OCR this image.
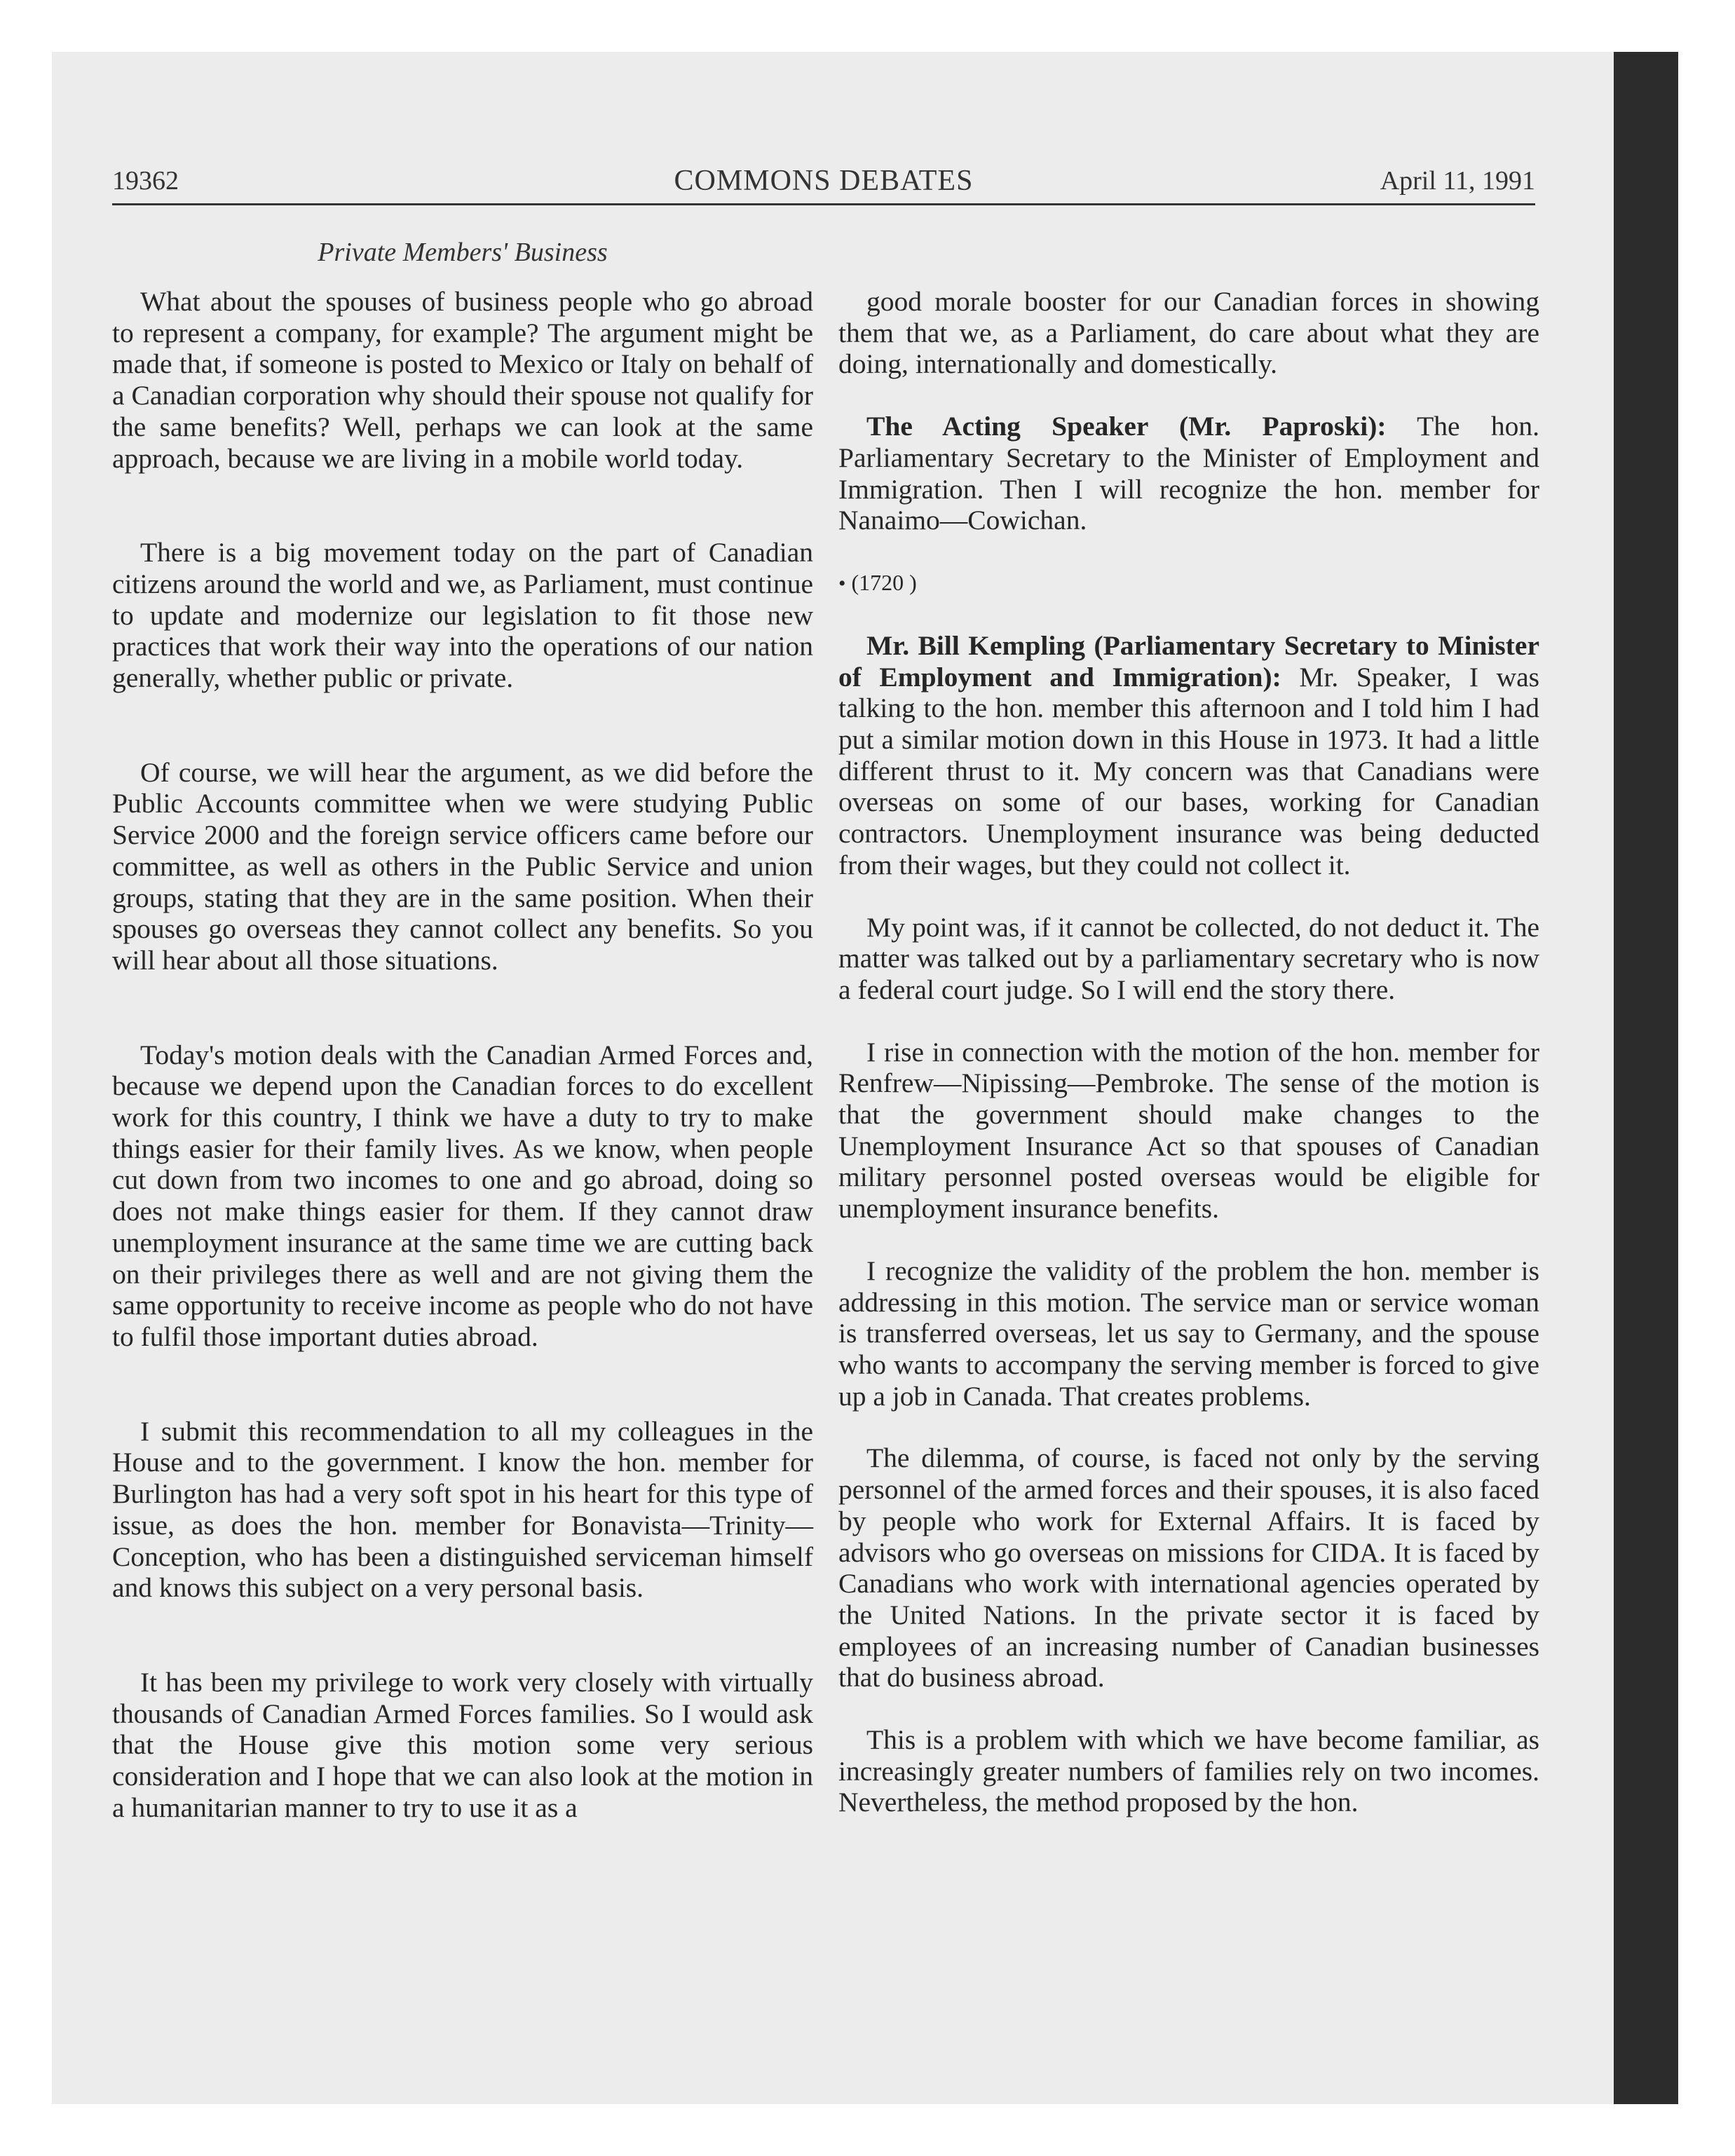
19362	COMMONS DEBATES	April 11, 1991
Private Members' Business

What about the spouses of business people who go abroad to represent a company, for example? The argument might be made that, if someone is posted to Mexico or Italy on behalf of a Canadian corporation why should their spouse not qualify for the same benefits? Well, perhaps we can look at the same approach, because we are living in a mobile world today.

There is a big movement today on the part of Canadian citizens around the world and we, as Parliament, must continue to update and modernize our legislation to fit those new practices that work their way into the operations of our nation generally, whether public or private.

Of course, we will hear the argument, as we did before the Public Accounts committee when we were studying Public Service 2000 and the foreign service officers came before our committee, as well as others in the Public Service and union groups, stating that they are in the same position. When their spouses go overseas they cannot collect any benefits. So you will hear about all those situations.

Today's motion deals with the Canadian Armed Forces and, because we depend upon the Canadian forces to do excellent work for this country, I think we have a duty to try to make things easier for their family lives. As we know, when people cut down from two incomes to one and go abroad, doing so does not make things easier for them. If they cannot draw unemployment insurance at the same time we are cutting back on their privileges there as well and are not giving them the same opportunity to receive income as people who do not have to fulfil those important duties abroad.

I submit this recommendation to all my colleagues in the House and to the government. I know the hon. member for Burlington has had a very soft spot in his heart for this type of issue, as does the hon. member for Bonavista—Trinity—Conception, who has been a distinguished serviceman himself and knows this subject on a very personal basis.

It has been my privilege to work very closely with virtually thousands of Canadian Armed Forces families. So I would ask that the House give this motion some very serious consideration and I hope that we can also look at the motion in a humanitarian manner to try to use it as a

good morale booster for our Canadian forces in showing them that we, as a Parliament, do care about what they are doing, internationally and domestically.

The Acting Speaker (Mr. Paproski): The hon. Parliamentary Secretary to the Minister of Employment and Immigration. Then I will recognize the hon. member for Nanaimo—Cowichan.

• (1720 )

Mr. Bill Kempling (Parliamentary Secretary to Minister of Employment and Immigration): Mr. Speaker, I was talking to the hon. member this afternoon and I told him I had put a similar motion down in this House in 1973. It had a little different thrust to it. My concern was that Canadians were overseas on some of our bases, working for Canadian contractors. Unemployment insurance was being deducted from their wages, but they could not collect it.

My point was, if it cannot be collected, do not deduct it. The matter was talked out by a parliamentary secretary who is now a federal court judge. So I will end the story there.

I rise in connection with the motion of the hon. member for Renfrew—Nipissing—Pembroke. The sense of the motion is that the government should make changes to the Unemployment Insurance Act so that spouses of Canadian military personnel posted overseas would be eligible for unemployment insurance benefits.

I recognize the validity of the problem the hon. member is addressing in this motion. The service man or service woman is transferred overseas, let us say to Germany, and the spouse who wants to accompany the serving member is forced to give up a job in Canada. That creates problems.

The dilemma, of course, is faced not only by the serving personnel of the armed forces and their spouses, it is also faced by people who work for External Affairs. It is faced by advisors who go overseas on missions for CIDA. It is faced by Canadians who work with international agencies operated by the United Nations. In the private sector it is faced by employees of an increasing number of Canadian businesses that do business abroad.

This is a problem with which we have become familiar, as increasingly greater numbers of families rely on two incomes. Nevertheless, the method proposed by the hon.
